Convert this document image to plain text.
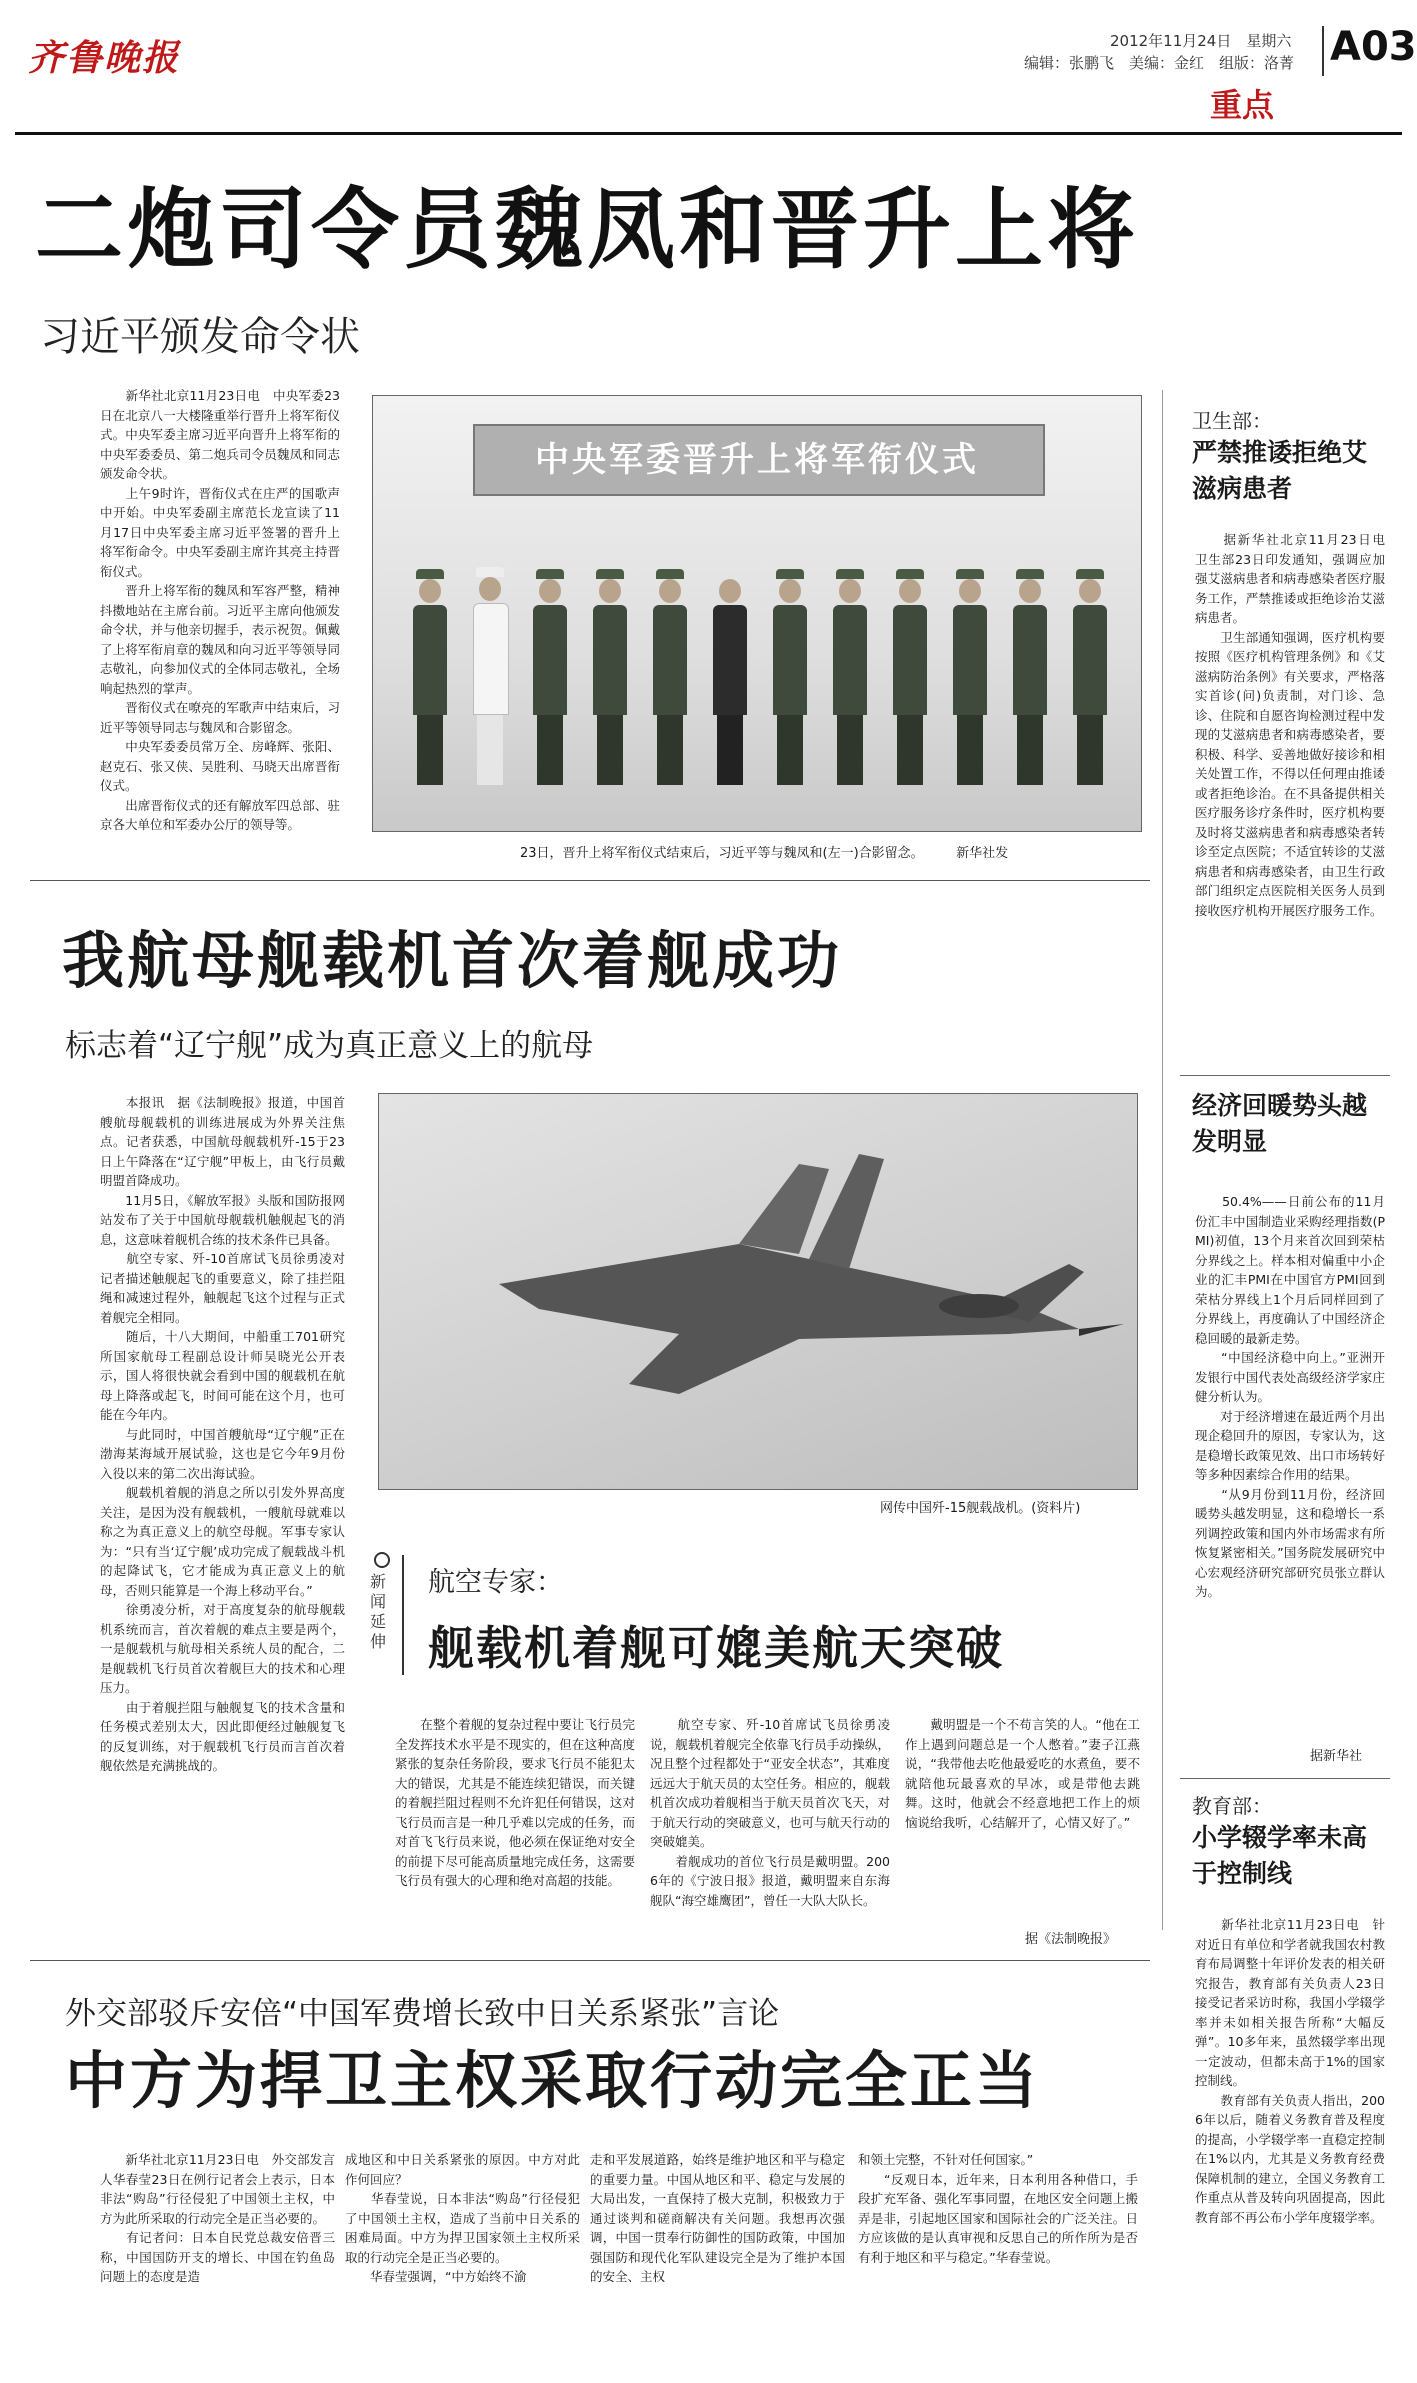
齐鲁晚报	2012年11月24日　星期六
编辑：张鹏飞　美编：金红　组版：洛菁 A03
重点
二炮司令员魏凤和晋升上将
习近平颁发命令状
　　新华社北京11月23日电　中央军委23日在北京八一大楼隆重举行晋升上将军衔仪式。中央军委主席习近平向晋升上将军衔的中央军委委员、第二炮兵司令员魏凤和同志颁发命令状。
　　上午9时许，晋衔仪式在庄严的国歌声中开始。中央军委副主席范长龙宣读了11月17日中央军委主席习近平签署的晋升上将军衔命令。中央军委副主席许其亮主持晋衔仪式。
　　晋升上将军衔的魏凤和军容严整，精神抖擞地站在主席台前。习近平主席向他颁发命令状，并与他亲切握手，表示祝贺。佩戴了上将军衔肩章的魏凤和向习近平等领导同志敬礼，向参加仪式的全体同志敬礼，全场响起热烈的掌声。
　　晋衔仪式在嘹亮的军歌声中结束后，习近平等领导同志与魏凤和合影留念。
　　中央军委委员常万全、房峰辉、张阳、赵克石、张又侠、吴胜利、马晓天出席晋衔仪式。
　　出席晋衔仪式的还有解放军四总部、驻京各大单位和军委办公厅的领导等。
中央军委晋升上将军衔仪式
23日，晋升上将军衔仪式结束后，习近平等与魏凤和(左一)合影留念。　　　新华社发
卫生部：
严禁推诿拒绝艾滋病患者
　　据新华社北京11月23日电　卫生部23日印发通知，强调应加强艾滋病患者和病毒感染者医疗服务工作，严禁推诿或拒绝诊治艾滋病患者。
　　卫生部通知强调，医疗机构要按照《医疗机构管理条例》和《艾滋病防治条例》有关要求，严格落实首诊(问)负责制，对门诊、急诊、住院和自愿咨询检测过程中发现的艾滋病患者和病毒感染者，要积极、科学、妥善地做好接诊和相关处置工作，不得以任何理由推诿或者拒绝诊治。在不具备提供相关医疗服务诊疗条件时，医疗机构要及时将艾滋病患者和病毒感染者转诊至定点医院；不适宜转诊的艾滋病患者和病毒感染者，由卫生行政部门组织定点医院相关医务人员到接收医疗机构开展医疗服务工作。
经济回暖势头越发明显
　　50.4%——日前公布的11月份汇丰中国制造业采购经理指数(PMI)初值，13个月来首次回到荣枯分界线之上。样本相对偏重中小企业的汇丰PMI在中国官方PMI回到荣枯分界线上1个月后同样回到了分界线上，再度确认了中国经济企稳回暖的最新走势。
　　“中国经济稳中向上。”亚洲开发银行中国代表处高级经济学家庄健分析认为。
　　对于经济增速在最近两个月出现企稳回升的原因，专家认为，这是稳增长政策见效、出口市场转好等多种因素综合作用的结果。
　　“从9月份到11月份，经济回暖势头越发明显，这和稳增长一系列调控政策和国内外市场需求有所恢复紧密相关。”国务院发展研究中心宏观经济研究部研究员张立群认为。
据新华社
教育部：
小学辍学率未高于控制线
　　新华社北京11月23日电　针对近日有单位和学者就我国农村教育布局调整十年评价发表的相关研究报告，教育部有关负责人23日接受记者采访时称，我国小学辍学率并未如相关报告所称“大幅反弹”。10多年来，虽然辍学率出现一定波动，但都未高于1%的国家控制线。
　　教育部有关负责人指出，2006年以后，随着义务教育普及程度的提高，小学辍学率一直稳定控制在1%以内，尤其是义务教育经费保障机制的建立，全国义务教育工作重点从普及转向巩固提高，因此教育部不再公布小学年度辍学率。
我航母舰载机首次着舰成功
标志着“辽宁舰”成为真正意义上的航母
　　本报讯　据《法制晚报》报道，中国首艘航母舰载机的训练进展成为外界关注焦点。记者获悉，中国航母舰载机歼-15于23日上午降落在“辽宁舰”甲板上，由飞行员戴明盟首降成功。
　　11月5日，《解放军报》头版和国防报网站发布了关于中国航母舰载机触舰起飞的消息，这意味着舰机合练的技术条件已具备。
　　航空专家、歼-10首席试飞员徐勇凌对记者描述触舰起飞的重要意义，除了挂拦阻绳和减速过程外，触舰起飞这个过程与正式着舰完全相同。
　　随后，十八大期间，中船重工701研究所国家航母工程副总设计师吴晓光公开表示，国人将很快就会看到中国的舰载机在航母上降落或起飞，时间可能在这个月，也可能在今年内。
　　与此同时，中国首艘航母“辽宁舰”正在渤海某海域开展试验，这也是它今年9月份入役以来的第二次出海试验。
　　舰载机着舰的消息之所以引发外界高度关注，是因为没有舰载机，一艘航母就难以称之为真正意义上的航空母舰。军事专家认为：“只有当‘辽宁舰’成功完成了舰载战斗机的起降试飞，它才能成为真正意义上的航母，否则只能算是一个海上移动平台。”
　　徐勇凌分析，对于高度复杂的航母舰载机系统而言，首次着舰的难点主要是两个，一是舰载机与航母相关系统人员的配合，二是舰载机飞行员首次着舰巨大的技术和心理压力。
　　由于着舰拦阻与触舰复飞的技术含量和任务模式差别太大，因此即便经过触舰复飞的反复训练，对于舰载机飞行员而言首次着舰依然是充满挑战的。
网传中国歼-15舰载战机。(资料片)
新闻延伸
航空专家：
舰载机着舰可媲美航天突破
　　在整个着舰的复杂过程中要让飞行员完全发挥技术水平是不现实的，但在这种高度紧张的复杂任务阶段，要求飞行员不能犯太大的错误，尤其是不能连续犯错误，而关键的着舰拦阻过程则不允许犯任何错误，这对飞行员而言是一种几乎难以完成的任务，而对首飞飞行员来说，他必须在保证绝对安全的前提下尽可能高质量地完成任务，这需要飞行员有强大的心理和绝对高超的技能。
　　航空专家、歼-10首席试飞员徐勇凌说，舰载机着舰完全依靠飞行员手动操纵，况且整个过程都处于“亚安全状态”，其难度远远大于航天员的太空任务。相应的，舰载机首次成功着舰相当于航天员首次飞天，对于航天行动的突破意义，也可与航天行动的突破媲美。
　　着舰成功的首位飞行员是戴明盟。2006年的《宁波日报》报道，戴明盟来自东海舰队“海空雄鹰团”，曾任一大队大队长。
　　戴明盟是一个不苟言笑的人。“他在工作上遇到问题总是一个人憋着。”妻子江燕说，“我带他去吃他最爱吃的水煮鱼，要不就陪他玩最喜欢的早冰，或是带他去跳舞。这时，他就会不经意地把工作上的烦恼说给我听，心结解开了，心情又好了。”
据《法制晚报》
外交部驳斥安倍“中国军费增长致中日关系紧张”言论
中方为捍卫主权采取行动完全正当
　　新华社北京11月23日电　外交部发言人华春莹23日在例行记者会上表示，日本非法“购岛”行径侵犯了中国领土主权，中方为此所采取的行动完全是正当必要的。
　　有记者问：日本自民党总裁安倍晋三称，中国国防开支的增长、中国在钓鱼岛问题上的态度是造
成地区和中日关系紧张的原因。中方对此作何回应？
　　华春莹说，日本非法“购岛”行径侵犯了中国领土主权，造成了当前中日关系的困难局面。中方为捍卫国家领土主权所采取的行动完全是正当必要的。
　　华春莹强调，“中方始终不渝
走和平发展道路，始终是维护地区和平与稳定的重要力量。中国从地区和平、稳定与发展的大局出发，一直保持了极大克制，积极致力于通过谈判和磋商解决有关问题。我想再次强调，中国一贯奉行防御性的国防政策，中国加强国防和现代化军队建设完全是为了维护本国的安全、主权
和领土完整，不针对任何国家。”
　　“反观日本，近年来，日本利用各种借口，手段扩充军备、强化军事同盟，在地区安全问题上搬弄是非，引起地区国家和国际社会的广泛关注。日方应该做的是认真审视和反思自己的所作所为是否有利于地区和平与稳定。”华春莹说。
